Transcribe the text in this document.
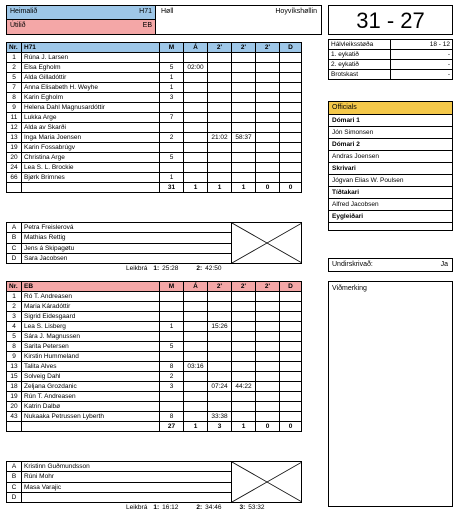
Heimalið	H71
Útilið	EB
Høll	Hoyvíkshøllin	31 - 27
Hálvleiksstøða	18 - 12
1. eykatið	-
2. eykatið	-
Brotskast	-
Officials
Dómari 1
Jón Simonsen
Dómari 2
Andras Joensen
Skrivari
Jógvan Elias W. Poulsen
Tíðtakari
Alfred Jacobsen
Eygleiðari
Undirskrivað:	Ja
Viðmerking
Nr.	H71	M	Á	2'	2'	2'	D
1	Rúna J. Larsen						
2	Elsa Egholm	5	02:00				
5	Alda Gilladóttir	1					
7	Anna Elisabeth H. Weyhe	1					
8	Karin Egholm	3					
9	Helena Dahl Magnusardóttir						
11	Lukka Arge	7					
12	Alda av Skarði						
13	Inga Maria Joensen	2		21:02	58:37		
19	Karin Fossabrúgv						
20	Christina Arge	5					
24	Lea S. L. Brockie						
66	Bjørk Brimnes	1					
		31	1	1	1	0	0
A	Petra Freislerová	

B	Mathias Rettig	
C	Jens á Skipagøtu	
D	Sara Jacobsen	
Leikbrá 1: 25:28	2: 42:50
Nr.	EB	M	Á	2'	2'	2'	D
1	Ró T. Andreasen						
2	Maria Káradóttir						
3	Sigrid Eidesgaard						
4	Lea S. Lisberg	1		15:26			
5	Sára J. Magnussen						
8	Sarita Petersen	5					
9	Kirstin Hummeland						
13	Talita Alves	8	03:16				
15	Solveig Dahl	2					
18	Zeljana Grozdanic	3		07:24	44:22		
19	Rún T. Andreasen						
20	Katrin Dalbø						
43	Nukaaka Petrussen Lyberth	8		33:38			
		27	1	3	1	0	0
A	Kristinn Guðmundsson	

B	Rúni Mohr	
C	Masa Varajic	
D		
Leikbrá 1: 16:12	2: 34:46	3: 53:32
